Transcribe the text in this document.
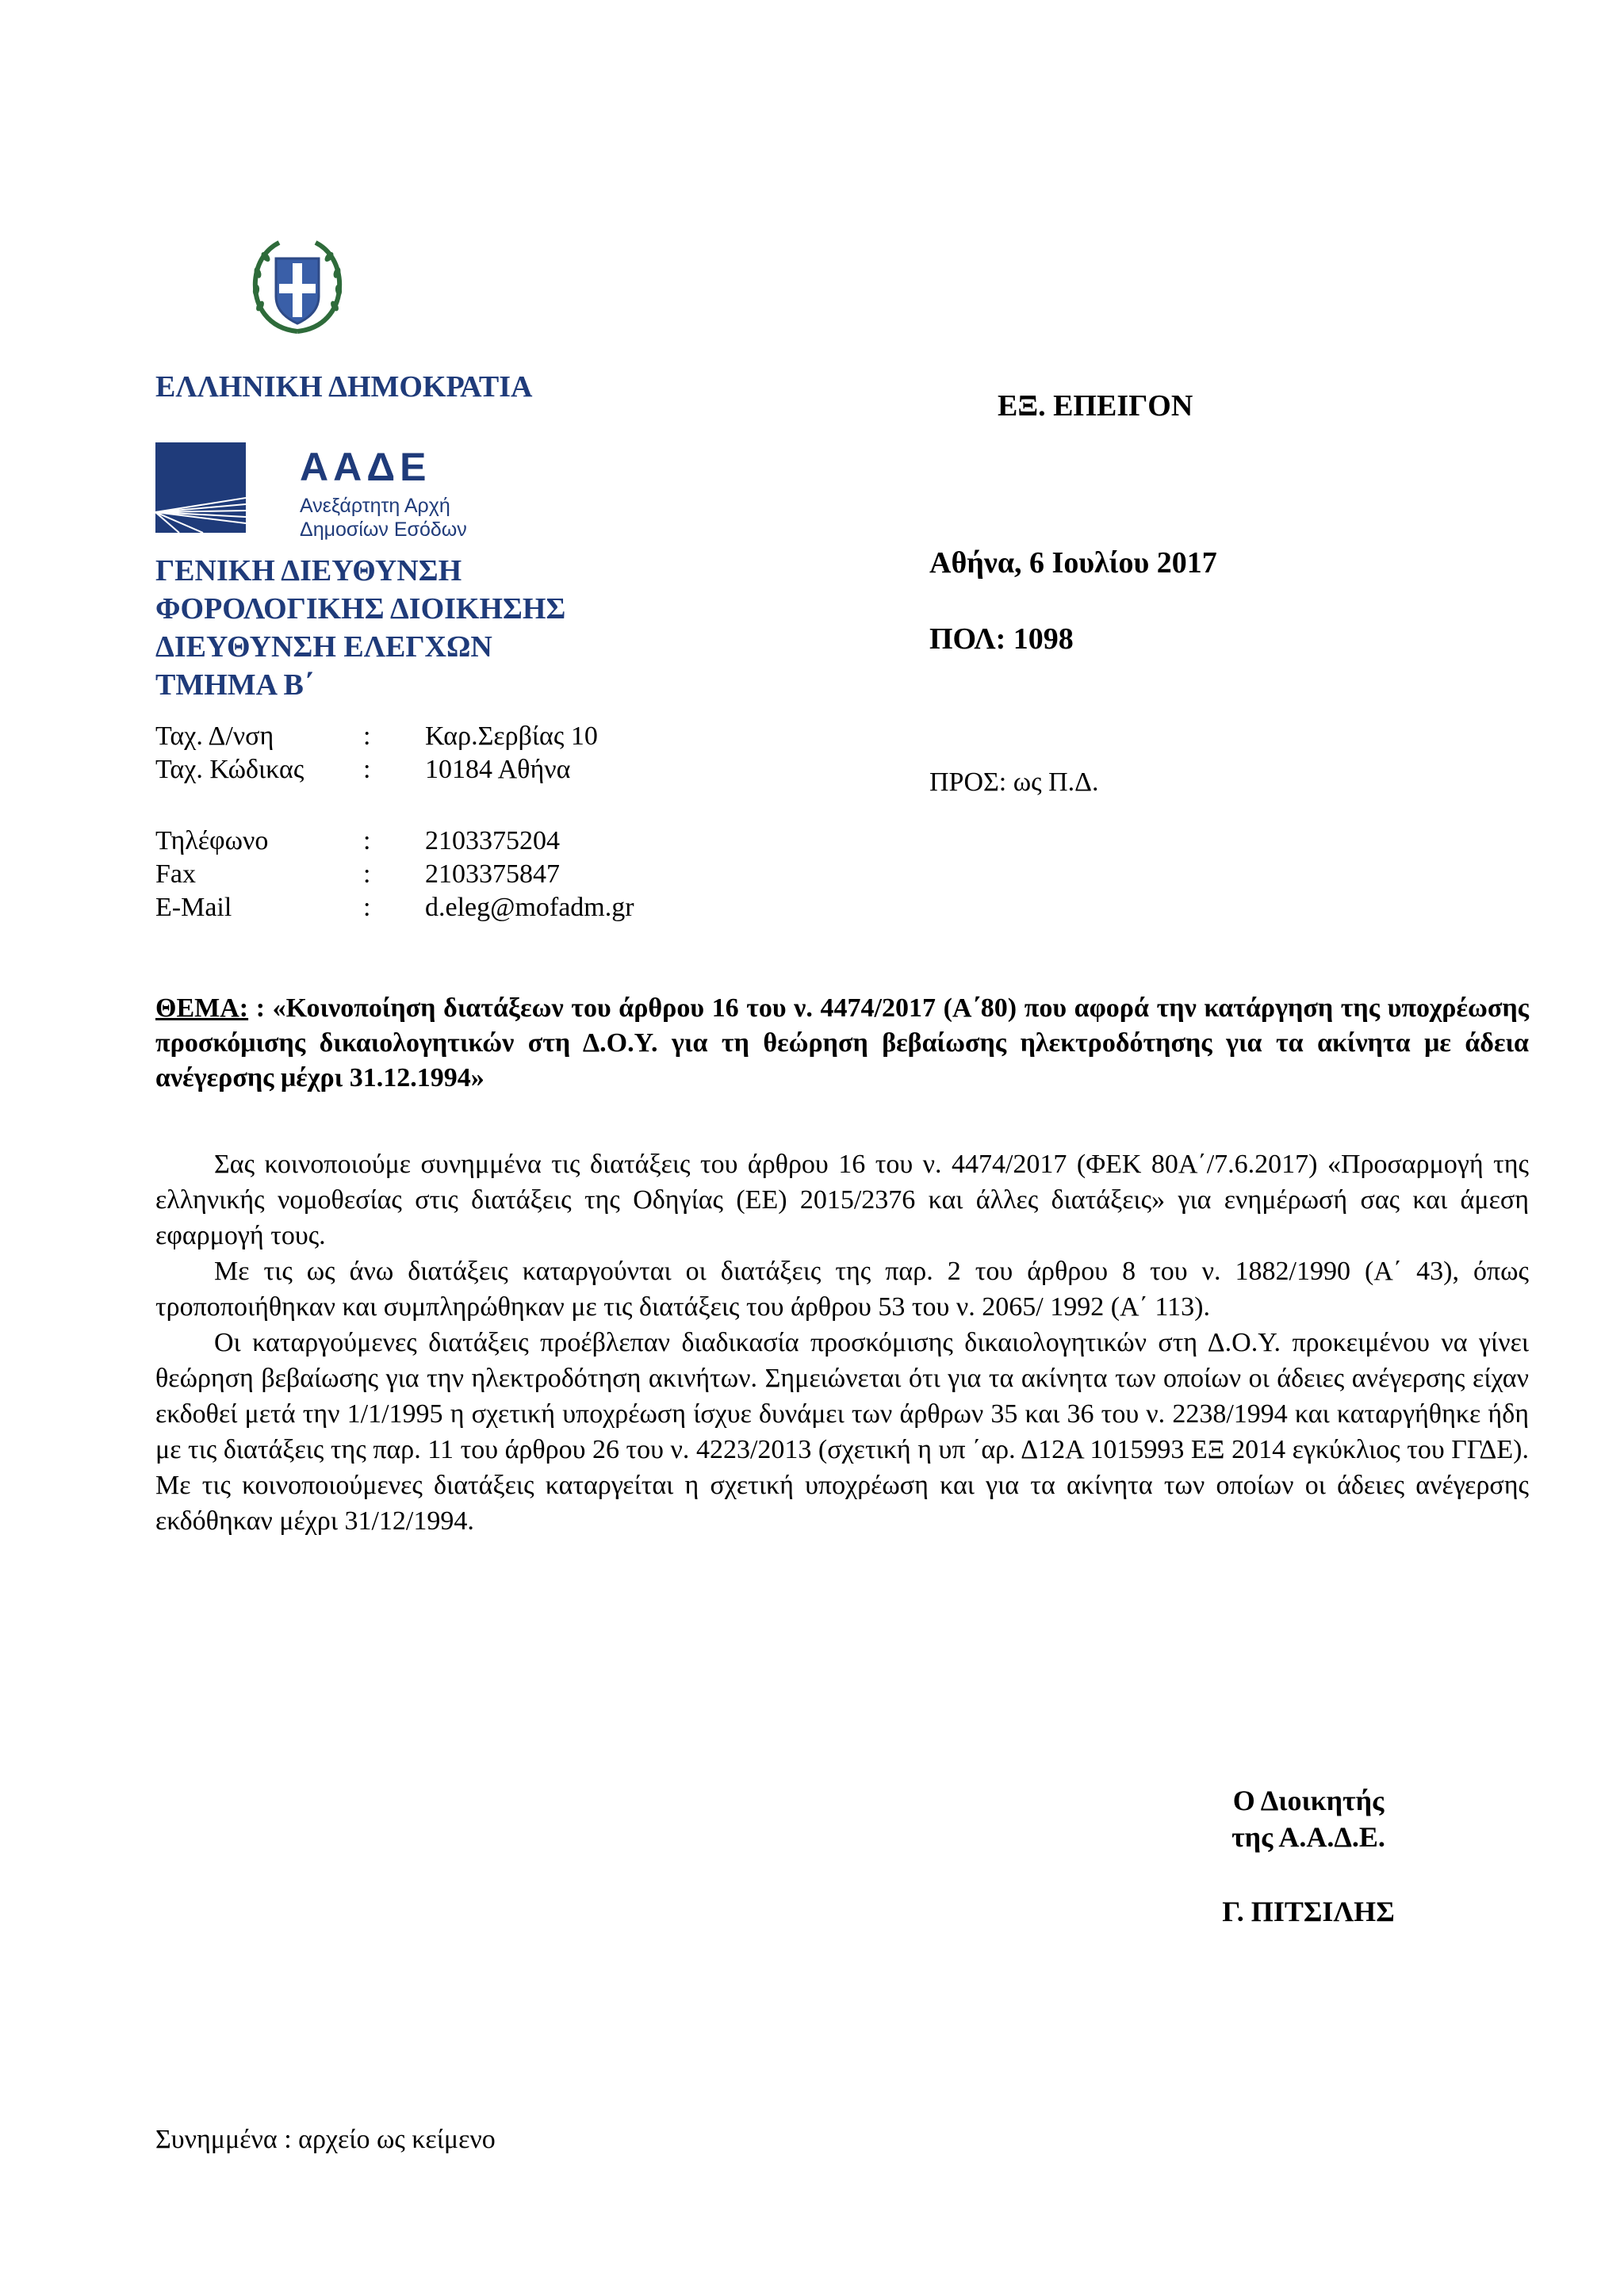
ΕΛΛΗΝΙΚΗ ΔΗΜΟΚΡΑΤΙΑ
ΑΑΔΕ
Ανεξάρτητη Αρχή
Δημοσίων Εσόδων
ΓΕΝΙΚΗ ΔΙΕΥΘΥΝΣΗ
ΦΟΡΟΛΟΓΙΚΗΣ ΔΙΟΙΚΗΣΗΣ
ΔΙΕΥΘΥΝΣΗ ΕΛΕΓΧΩΝ
ΤΜΗΜΑ Β΄
Ταχ. Δ/νση	: Καρ.Σερβίας 10
Ταχ. Κώδικας : 10184 Αθήνα
Τηλέφωνο	: 2103375204
Fax	: 2103375847
E-Mail	: d.eleg@mofadm.gr
ΕΞ. ΕΠΕΙΓΟΝ
Αθήνα, 6 Ιουλίου 2017
ΠΟΛ: 1098
ΠΡΟΣ: ως Π.Δ.
ΘΕΜΑ: : «Κοινοποίηση διατάξεων του άρθρου 16 του ν. 4474/2017 (Α΄80) που αφορά την κατάργηση της υποχρέωσης προσκόμισης δικαιολογητικών στη Δ.Ο.Υ. για τη θεώρηση βεβαίωσης ηλεκτροδότησης για τα ακίνητα με άδεια ανέγερσης μέχρι 31.12.1994»

Σας κοινοποιούμε συνημμένα τις διατάξεις του άρθρου 16 του ν. 4474/2017 (ΦΕΚ 80Α΄/7.6.2017) «Προσαρμογή της ελληνικής νομοθεσίας στις διατάξεις της Οδηγίας (ΕΕ) 2015/2376 και άλλες διατάξεις» για ενημέρωσή σας και άμεση εφαρμογή τους.

Με τις ως άνω διατάξεις καταργούνται οι διατάξεις της παρ. 2 του άρθρου 8 του ν. 1882/1990 (Α΄ 43), όπως τροποποιήθηκαν και συμπληρώθηκαν με τις διατάξεις του άρθρου 53 του ν. 2065/ 1992 (Α΄ 113).

Οι καταργούμενες διατάξεις προέβλεπαν διαδικασία προσκόμισης δικαιολογητικών στη Δ.Ο.Υ. προκειμένου να γίνει θεώρηση βεβαίωσης για την ηλεκτροδότηση ακινήτων. Σημειώνεται ότι για τα ακίνητα των οποίων οι άδειες ανέγερσης είχαν εκδοθεί μετά την 1/1/1995 η σχετική υποχρέωση ίσχυε δυνάμει των άρθρων 35 και 36 του ν. 2238/1994 και καταργήθηκε ήδη με τις διατάξεις της παρ. 11 του άρθρου 26 του ν. 4223/2013 (σχετική η υπ ΄αρ. Δ12Α 1015993 ΕΞ 2014 εγκύκλιος του ΓΓΔΕ). Με τις κοινοποιούμενες διατάξεις καταργείται η σχετική υποχρέωση και για τα ακίνητα των οποίων οι άδειες ανέγερσης εκδόθηκαν μέχρι 31/12/1994.

Ο Διοικητής
της Α.Α.Δ.Ε.
Γ. ΠΙΤΣΙΛΗΣ
Συνημμένα : αρχείο ως κείμενο
